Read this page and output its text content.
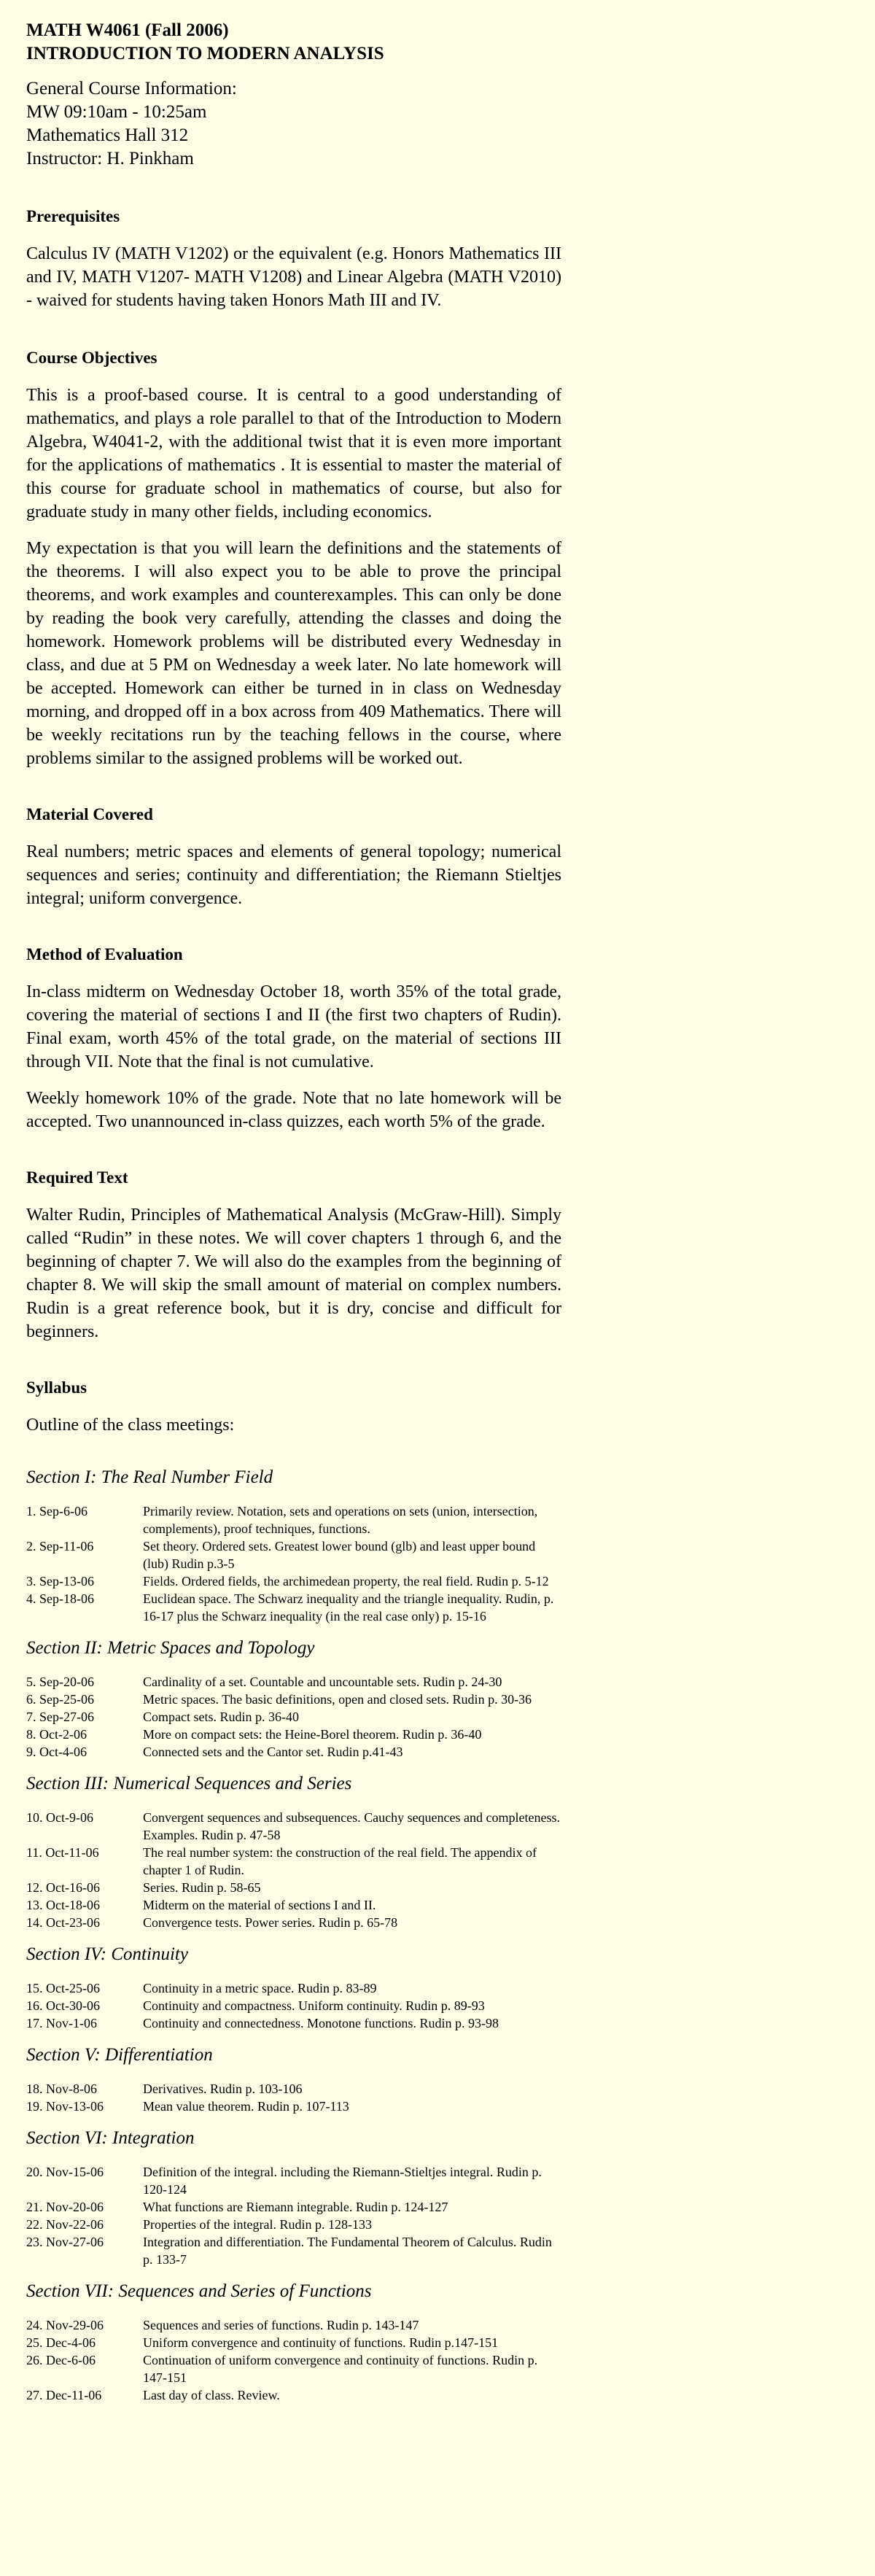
MATH W4061 (Fall 2006)
INTRODUCTION TO MODERN ANALYSIS
General Course Information:
MW 09:10am - 10:25am
Mathematics Hall 312
Instructor: H. Pinkham
Prerequisites

Calculus IV (MATH V1202) or the equivalent (e.g. Honors Mathematics III and IV, MATH V1207- MATH V1208) and Linear Algebra (MATH V2010) - waived for students having taken Honors Math III and IV.

Course Objectives

This is a proof-based course. It is central to a good understanding of mathematics, and plays a role parallel to that of the Introduction to Modern Algebra, W4041-2, with the additional twist that it is even more important for the applications of mathematics . It is essential to master the material of this course for graduate school in mathematics of course, but also for graduate study in many other fields, including economics.

My expectation is that you will learn the definitions and the statements of the theorems. I will also expect you to be able to prove the principal theorems, and work examples and counterexamples. This can only be done by reading the book very carefully, attending the classes and doing the homework. Homework problems will be distributed every Wednesday in class, and due at 5 PM on Wednesday a week later. No late homework will be accepted. Homework can either be turned in in class on Wednesday morning, and dropped off in a box across from 409 Mathematics. There will be weekly recitations run by the teaching fellows in the course, where problems similar to the assigned problems will be worked out.

Material Covered

Real numbers; metric spaces and elements of general topology; numerical sequences and series; continuity and differentiation; the Riemann Stieltjes integral; uniform convergence.

Method of Evaluation

In-class midterm on Wednesday October 18, worth 35% of the total grade, covering the material of sections I and II (the first two chapters of Rudin). Final exam, worth 45% of the total grade, on the material of sections III through VII. Note that the final is not cumulative.

Weekly homework 10% of the grade. Note that no late homework will be accepted. Two unannounced in-class quizzes, each worth 5% of the grade.

Required Text

Walter Rudin, Principles of Mathematical Analysis (McGraw-Hill). Simply called “Rudin” in these notes. We will cover chapters 1 through 6, and the beginning of chapter 7. We will also do the examples from the beginning of chapter 8. We will skip the small amount of material on complex numbers. Rudin is a great reference book, but it is dry, concise and difficult for beginners.

Syllabus

Outline of the class meetings:

Section I: The Real Number Field
1. Sep-6-06	Primarily review. Notation, sets and operations on sets (union, intersection, complements), proof techniques, functions.
2. Sep-11-06	Set theory. Ordered sets. Greatest lower bound (glb) and least upper bound (lub) Rudin p.3-5
3. Sep-13-06	Fields. Ordered fields, the archimedean property, the real field. Rudin p. 5-12
4. Sep-18-06	Euclidean space. The Schwarz inequality and the triangle inequality. Rudin, p. 16-17 plus the Schwarz inequality (in the real case only) p. 15-16
Section II: Metric Spaces and Topology
5. Sep-20-06	Cardinality of a set. Countable and uncountable sets. Rudin p. 24-30
6. Sep-25-06	Metric spaces. The basic definitions, open and closed sets. Rudin p. 30-36
7. Sep-27-06	Compact sets. Rudin p. 36-40
8. Oct-2-06	More on compact sets: the Heine-Borel theorem. Rudin p. 36-40
9. Oct-4-06	Connected sets and the Cantor set. Rudin p.41-43
Section III: Numerical Sequences and Series
10. Oct-9-06	Convergent sequences and subsequences. Cauchy sequences and completeness. Examples. Rudin p. 47-58
11. Oct-11-06	The real number system: the construction of the real field. The appendix of chapter 1 of Rudin.
12. Oct-16-06	Series. Rudin p. 58-65
13. Oct-18-06	Midterm on the material of sections I and II.
14. Oct-23-06	Convergence tests. Power series. Rudin p. 65-78
Section IV: Continuity
15. Oct-25-06	Continuity in a metric space. Rudin p. 83-89
16. Oct-30-06	Continuity and compactness. Uniform continuity. Rudin p. 89-93
17. Nov-1-06	Continuity and connectedness. Monotone functions. Rudin p. 93-98
Section V: Differentiation
18. Nov-8-06	Derivatives. Rudin p. 103-106
19. Nov-13-06	Mean value theorem. Rudin p. 107-113
Section VI: Integration
20. Nov-15-06	Definition of the integral. including the Riemann-Stieltjes integral. Rudin p. 120-124
21. Nov-20-06	What functions are Riemann integrable. Rudin p. 124-127
22. Nov-22-06	Properties of the integral. Rudin p. 128-133
23. Nov-27-06	Integration and differentiation. The Fundamental Theorem of Calculus. Rudin p. 133-7
Section VII: Sequences and Series of Functions
24. Nov-29-06	Sequences and series of functions. Rudin p. 143-147
25. Dec-4-06	Uniform convergence and continuity of functions. Rudin p.147-151
26. Dec-6-06	Continuation of uniform convergence and continuity of functions. Rudin p. 147-151
27. Dec-11-06	Last day of class. Review.
